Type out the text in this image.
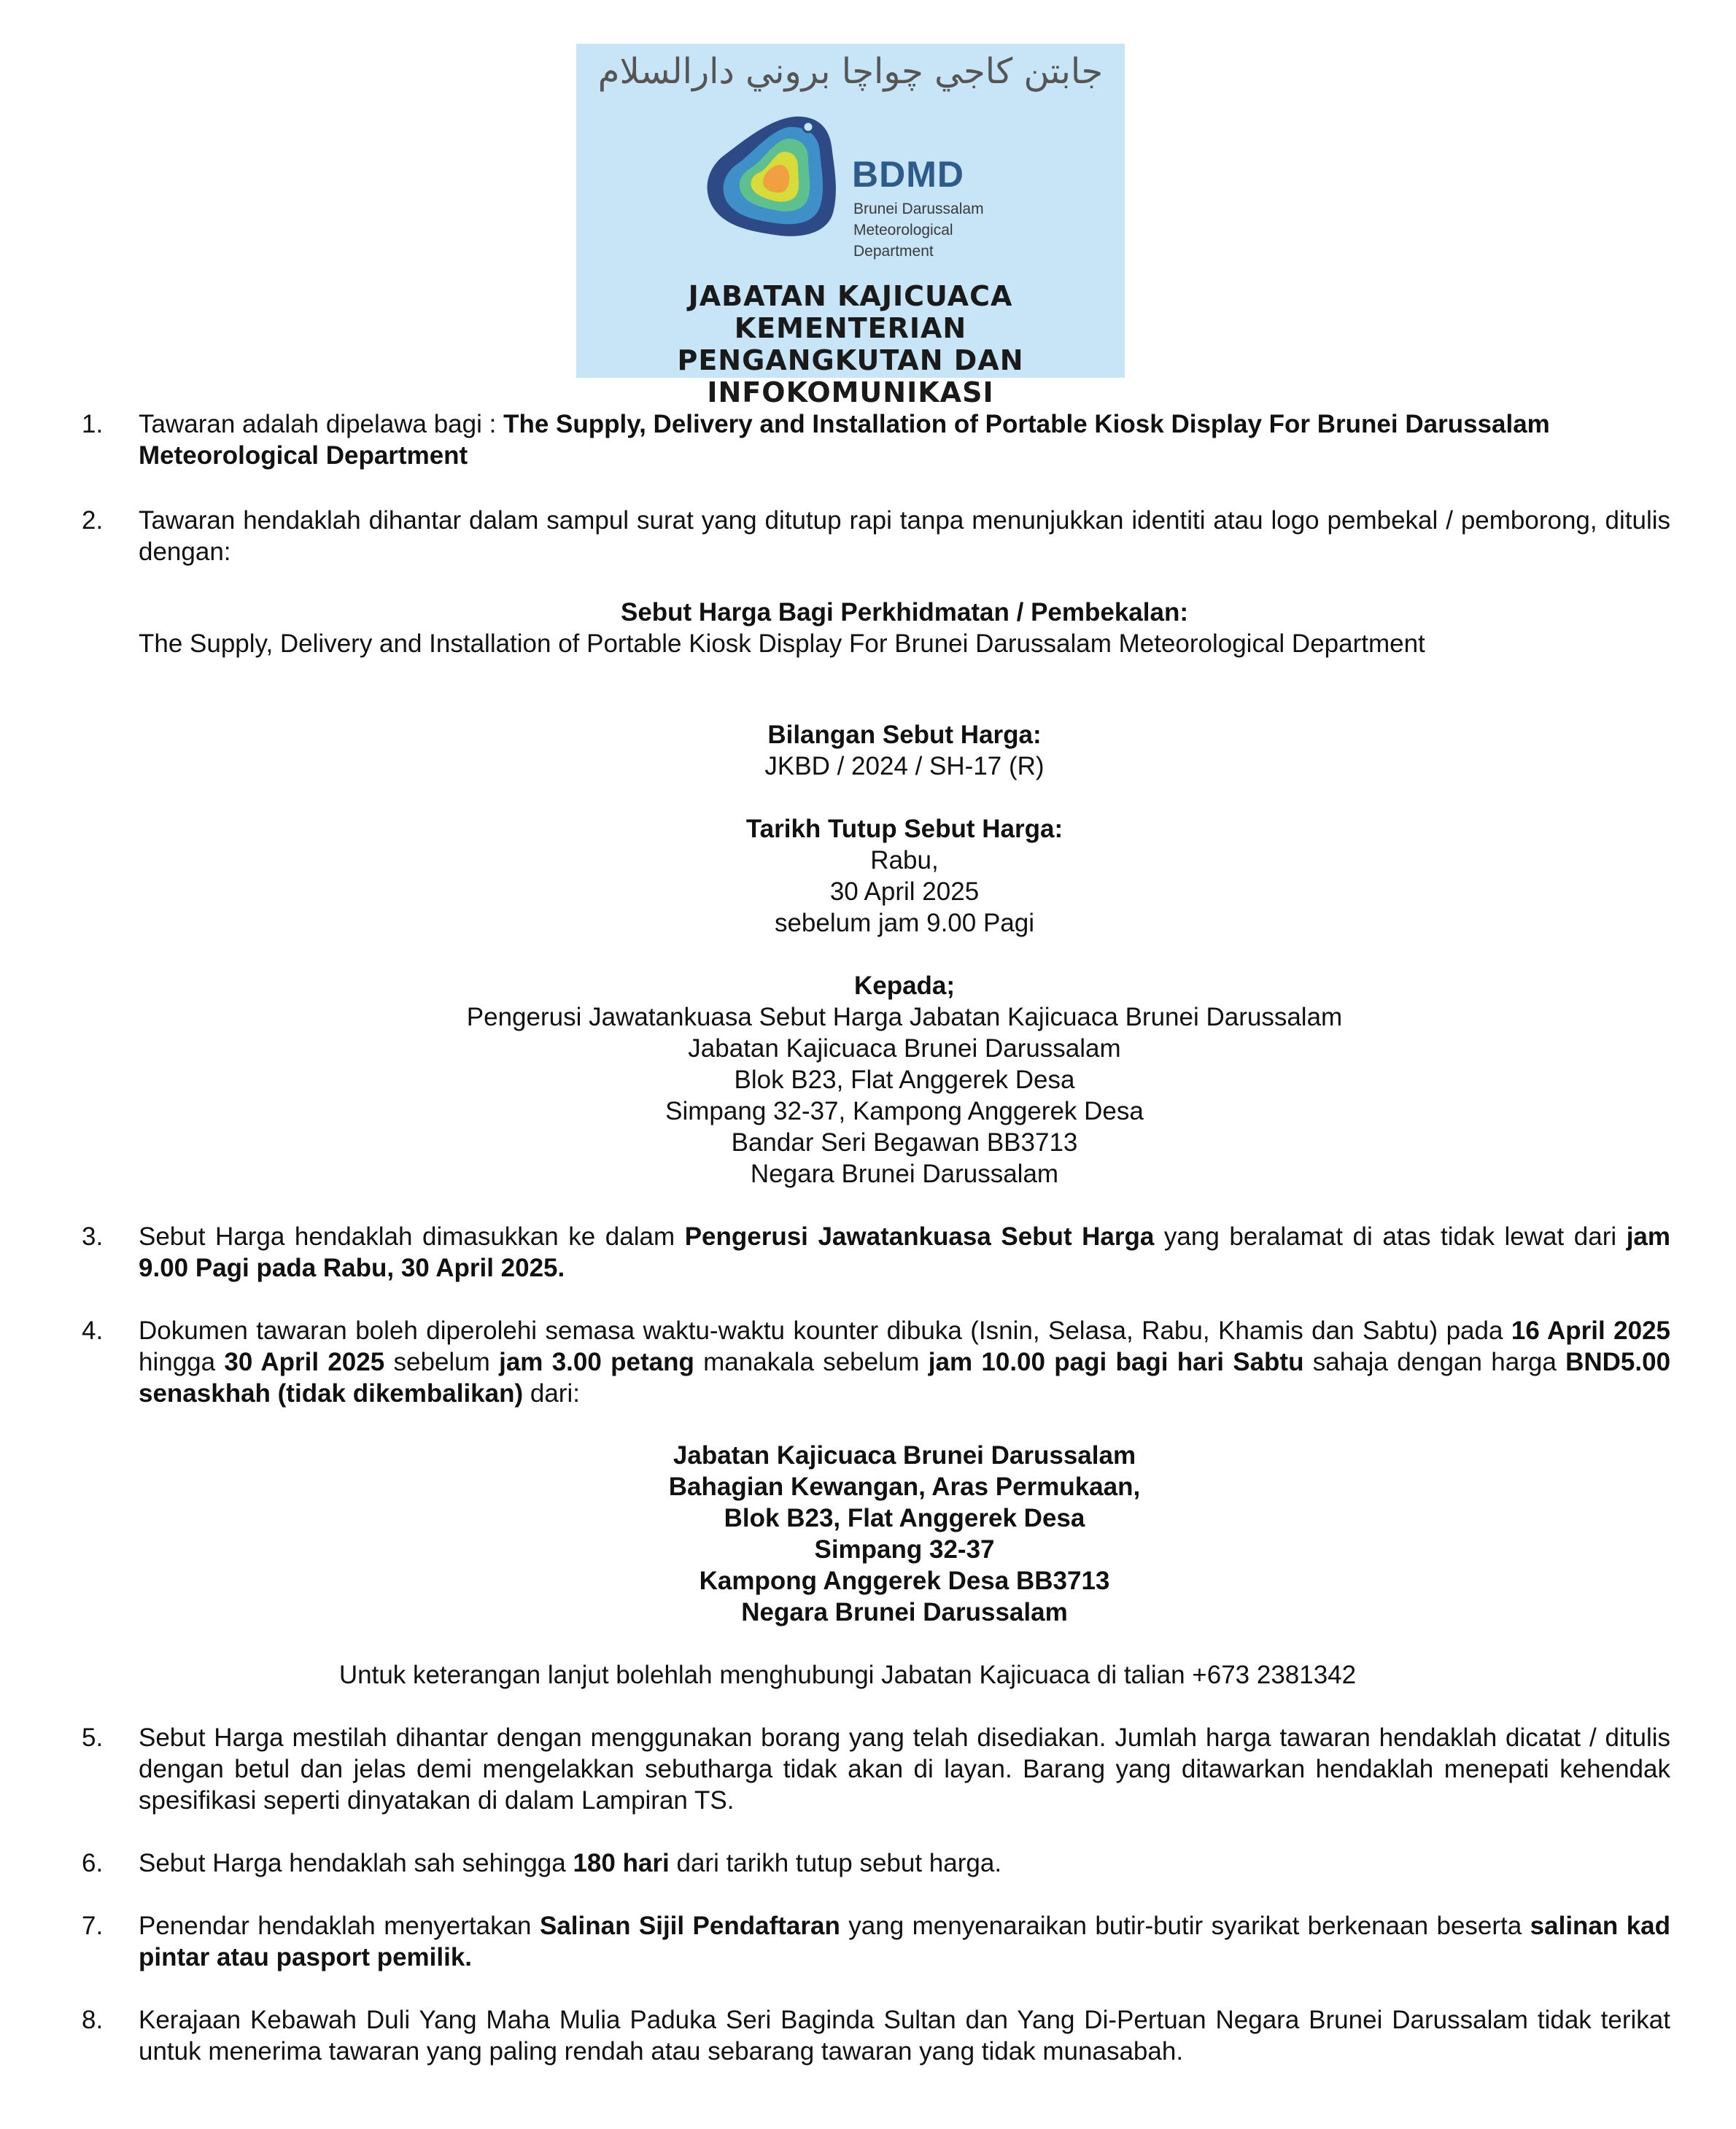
جابتن كاجي چواچا بروني دارالسلام
BDMD
Brunei Darussalam
Meteorological
Department
JABATAN KAJICUACA
KEMENTERIAN
PENGANGKUTAN DAN
INFOKOMUNIKASI
1.	Tawaran adalah dipelawa bagi : The Supply, Delivery and Installation of Portable Kiosk Display For Brunei Darussalam Meteorological Department
2.	Tawaran hendaklah dihantar dalam sampul surat yang ditutup rapi tanpa menunjukkan identiti atau logo pembekal / pemborong, ditulis dengan:
Sebut Harga Bagi Perkhidmatan / Pembekalan:
The Supply, Delivery and Installation of Portable Kiosk Display For Brunei Darussalam Meteorological Department
Bilangan Sebut Harga:
JKBD / 2024 / SH-17 (R)
Tarikh Tutup Sebut Harga:
Rabu,
30 April 2025
sebelum jam 9.00 Pagi
Kepada;
Pengerusi Jawatankuasa Sebut Harga Jabatan Kajicuaca Brunei Darussalam
Jabatan Kajicuaca Brunei Darussalam
Blok B23, Flat Anggerek Desa
Simpang 32-37, Kampong Anggerek Desa
Bandar Seri Begawan BB3713
Negara Brunei Darussalam
3.	Sebut Harga hendaklah dimasukkan ke dalam Pengerusi Jawatankuasa Sebut Harga yang beralamat di atas tidak lewat dari jam 9.00 Pagi pada Rabu, 30 April 2025.
4.	Dokumen tawaran boleh diperolehi semasa waktu-waktu kounter dibuka (Isnin, Selasa, Rabu, Khamis dan Sabtu) pada 16 April 2025 hingga 30 April 2025 sebelum jam 3.00 petang manakala sebelum jam 10.00 pagi bagi hari Sabtu sahaja dengan harga BND5.00 senaskhah (tidak dikembalikan) dari:
Jabatan Kajicuaca Brunei Darussalam
Bahagian Kewangan, Aras Permukaan,
Blok B23, Flat Anggerek Desa
Simpang 32-37
Kampong Anggerek Desa BB3713
Negara Brunei Darussalam
Untuk keterangan lanjut bolehlah menghubungi Jabatan Kajicuaca di talian +673 2381342
5.	Sebut Harga mestilah dihantar dengan menggunakan borang yang telah disediakan. Jumlah harga tawaran hendaklah dicatat / ditulis dengan betul dan jelas demi mengelakkan sebutharga tidak akan di layan. Barang yang ditawarkan hendaklah menepati kehendak spesifikasi seperti dinyatakan di dalam Lampiran TS.
6.	Sebut Harga hendaklah sah sehingga 180 hari dari tarikh tutup sebut harga.
7.	Penendar hendaklah menyertakan Salinan Sijil Pendaftaran yang menyenaraikan butir-butir syarikat berkenaan beserta salinan kad pintar atau pasport pemilik.
8.	Kerajaan Kebawah Duli Yang Maha Mulia Paduka Seri Baginda Sultan dan Yang Di-Pertuan Negara Brunei Darussalam tidak terikat untuk menerima tawaran yang paling rendah atau sebarang tawaran yang tidak munasabah.
